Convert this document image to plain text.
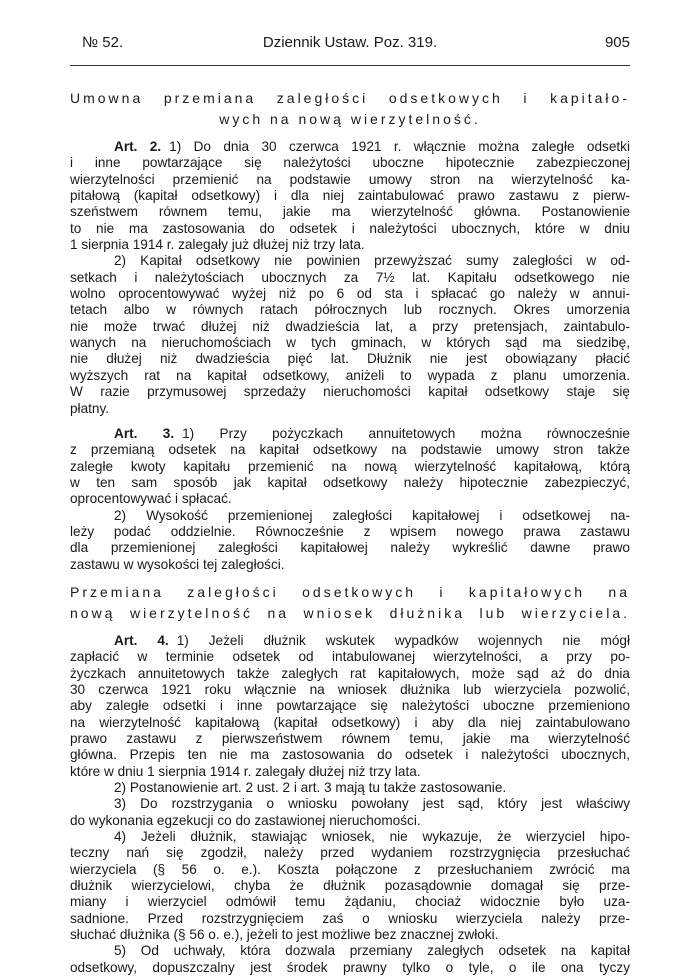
Dziennik Ustaw. Poz. 319.
№ 52.	905
Umowna przemiana zaległości odsetkowych i kapitało-
wych na nową wierzytelność.
Art. 2. 1) Do dnia 30 czerwca 1921 r. włącznie można zaległe odsetki
i inne powtarzające się należytości uboczne hipotecznie zabezpieczonej
wierzytelności przemienić na podstawie umowy stron na wierzytelność ka-
pitałową (kapitał odsetkowy) i dla niej zaintabulować prawo zastawu z pierw-
szeństwem równem temu, jakie ma wierzytelność główna. Postanowienie
to nie ma zastosowania do odsetek i należytości ubocznych, które w dniu
1 sierpnia 1914 r. zalegały już dłużej niż trzy lata.
2) Kapitał odsetkowy nie powinien przewyższać sumy zaległości w od-
setkach i należytościach ubocznych za 7½ lat. Kapitału odsetkowego nie
wolno oprocentowywać wyżej niż po 6 od sta i spłacać go należy w annui-
tetach albo w równych ratach półrocznych lub rocznych. Okres umorzenia
nie może trwać dłużej niż dwadzieścia lat, a przy pretensjach, zaintabulo-
wanych na nieruchomościach w tych gminach, w których sąd ma siedzibę,
nie dłużej niż dwadzieścia pięć lat. Dłużnik nie jest obowiązany płacić
wyższych rat na kapitał odsetkowy, aniżeli to wypada z planu umorzenia.
W razie przymusowej sprzedaży nieruchomości kapitał odsetkowy staje się
płatny.
Art. 3. 1) Przy pożyczkach annuitetowych można równocześnie
z przemianą odsetek na kapitał odsetkowy na podstawie umowy stron także
zaległe kwoty kapitału przemienić na nową wierzytelność kapitałową, którą
w ten sam sposób jak kapitał odsetkowy należy hipotecznie zabezpieczyć,
oprocentowywać i spłacać.
2) Wysokość przemienionej zaległości kapitałowej i odsetkowej na-
leży podać oddzielnie. Równocześnie z wpisem nowego prawa zastawu
dla przemienionej zaległości kapitałowej należy wykreślić dawne prawo
zastawu w wysokości tej zaległości.
Przemiana zaległości odsetkowych i kapitałowych na
nową wierzytelność na wniosek dłużnika lub wierzyciela.
Art. 4. 1) Jeżeli dłużnik wskutek wypadków wojennych nie mógł
zapłacić w terminie odsetek od intabulowanej wierzytelności, a przy po-
życzkach annuitetowych także zaległych rat kapitałowych, może sąd aż do dnia
30 czerwca 1921 roku włącznie na wniosek dłużnika lub wierzyciela pozwolić,
aby zaległe odsetki i inne powtarzające się należytości uboczne przemieniono
na wierzytelność kapitałową (kapitał odsetkowy) i aby dla niej zaintabulowano
prawo zastawu z pierwszeństwem równem temu, jakie ma wierzytelność
główna. Przepis ten nie ma zastosowania do odsetek i należytości ubocznych,
które w dniu 1 sierpnia 1914 r. zalegały dłużej niż trzy lata.
2) Postanowienie art. 2 ust. 2 i art. 3 mają tu także zastosowanie.
3) Do rozstrzygania o wniosku powołany jest sąd, który jest właściwy
do wykonania egzekucji co do zastawionej nieruchomości.
4) Jeżeli dłużnik, stawiając wniosek, nie wykazuje, że wierzyciel hipo-
teczny nań się zgodził, należy przed wydaniem rozstrzygnięcia przesłuchać
wierzyciela (§ 56 o. e.). Koszta połączone z przesłuchaniem zwrócić ma
dłużnik wierzycielowi, chyba że dłużnik pozasądownie domagał się prze-
miany i wierzyciel odmówił temu żądaniu, chociaż widocznie było uza-
sadnione. Przed rozstrzygnięciem zaś o wniosku wierzyciela należy prze-
słuchać dłużnika (§ 56 o. e.), jeżeli to jest możliwe bez znacznej zwłoki.
5) Od uchwały, która dozwala przemiany zaległych odsetek na kapitał
odsetkowy, dopuszczalny jest środek prawny tylko o tyle, o ile ona tyczy
